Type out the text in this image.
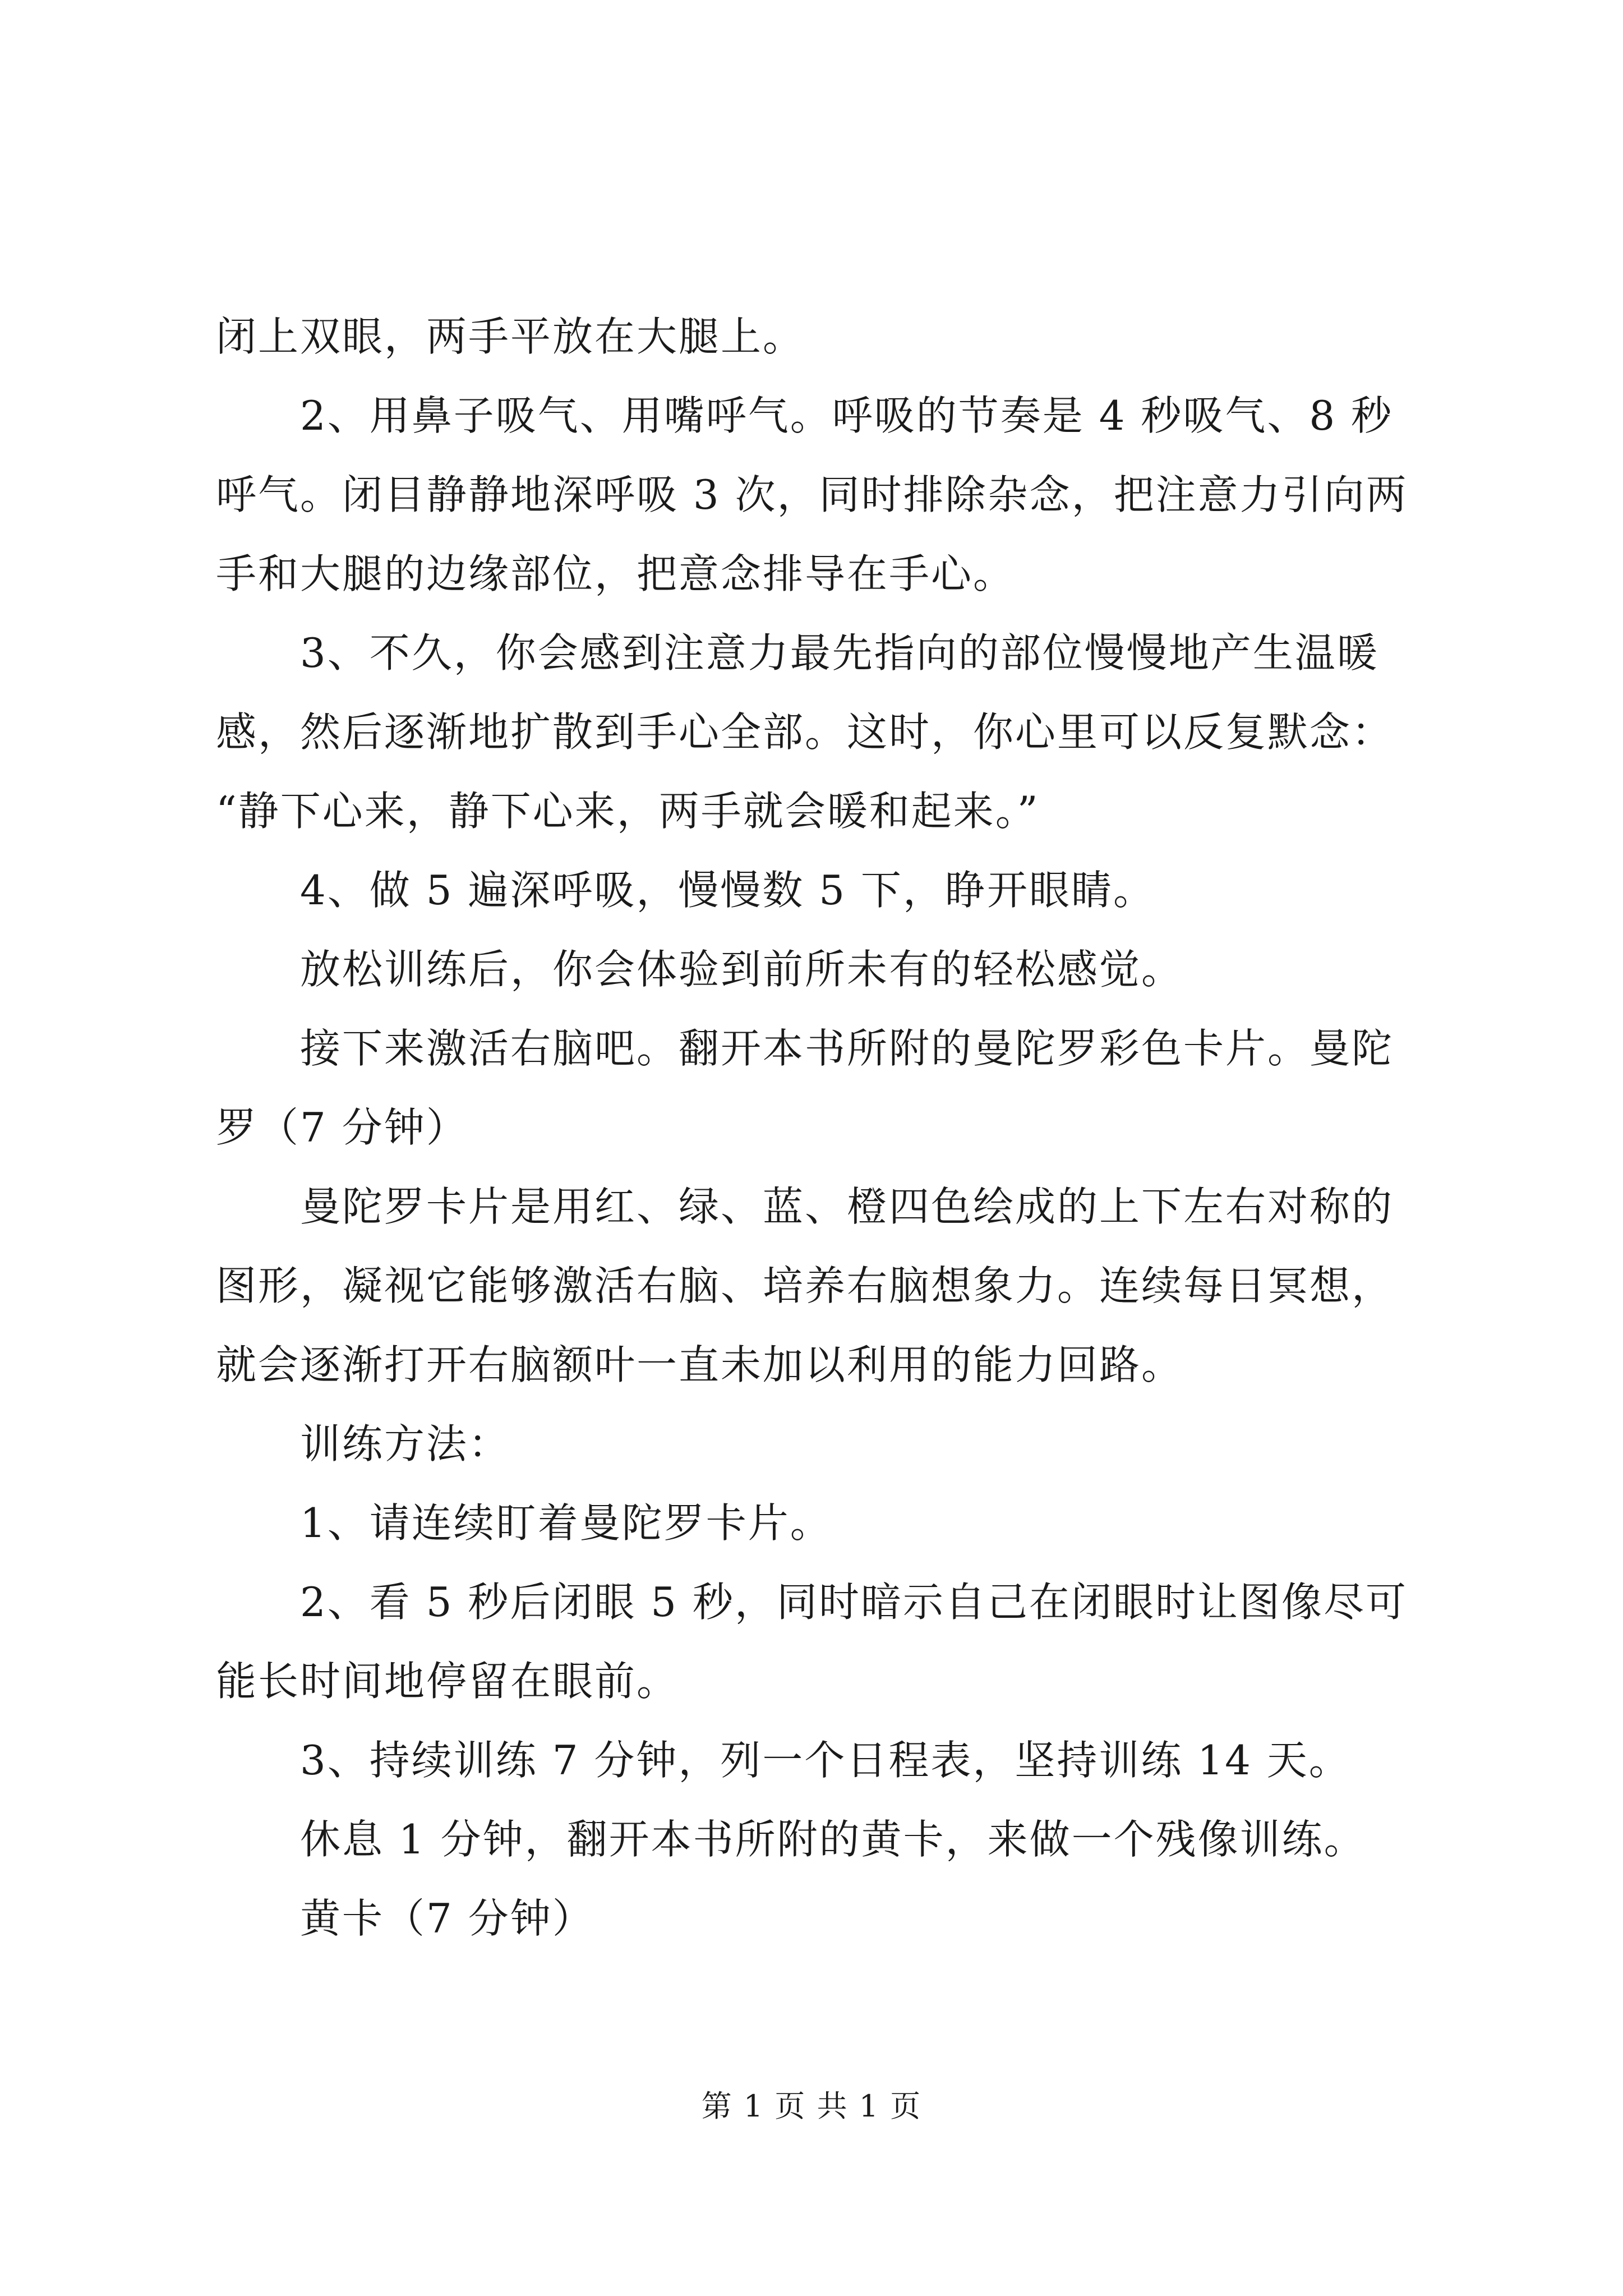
闭上双眼，两手平放在大腿上。
2、用鼻子吸气、用嘴呼气。呼吸的节奏是 4 秒吸气、8 秒
呼气。闭目静静地深呼吸 3 次，同时排除杂念，把注意力引向两
手和大腿的边缘部位，把意念排导在手心。
3、不久，你会感到注意力最先指向的部位慢慢地产生温暖
感，然后逐渐地扩散到手心全部。这时，你心里可以反复默念：
“静下心来，静下心来，两手就会暖和起来。”
4、做 5 遍深呼吸，慢慢数 5 下，睁开眼睛。
放松训练后，你会体验到前所未有的轻松感觉。
接下来激活右脑吧。翻开本书所附的曼陀罗彩色卡片。曼陀
罗（7 分钟）
曼陀罗卡片是用红、绿、蓝、橙四色绘成的上下左右对称的
图形，凝视它能够激活右脑、培养右脑想象力。连续每日冥想，
就会逐渐打开右脑额叶一直未加以利用的能力回路。
训练方法：
1、请连续盯着曼陀罗卡片。
2、看 5 秒后闭眼 5 秒，同时暗示自己在闭眼时让图像尽可
能长时间地停留在眼前。
3、持续训练 7 分钟，列一个日程表，坚持训练 14 天。
休息 1 分钟，翻开本书所附的黄卡，来做一个残像训练。
黄卡（7 分钟）
第 1 页 共 1 页
